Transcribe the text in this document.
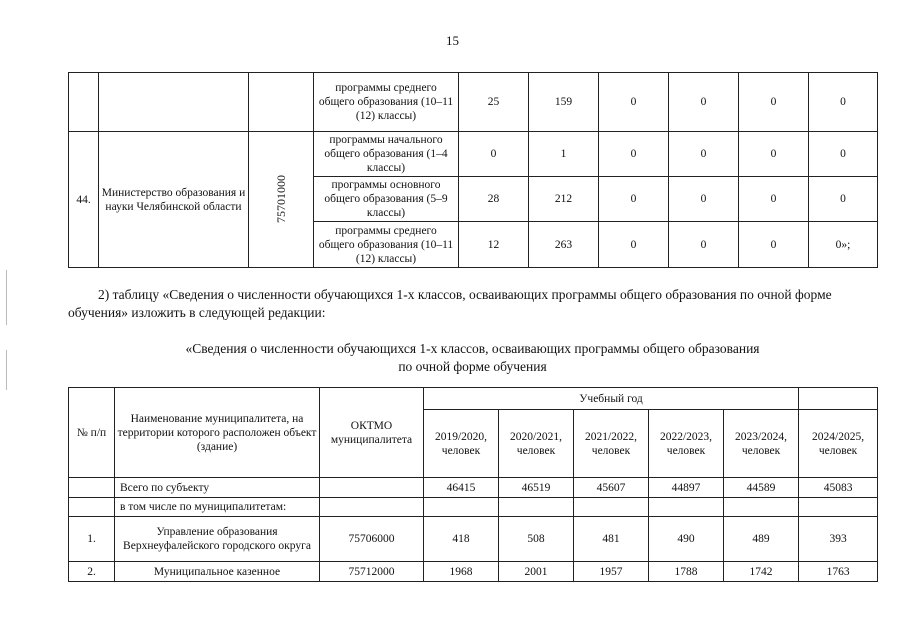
15
			программы среднего общего образования (10–11 (12) классы)	25	159	0	0	0	0
44.	Министерство образования и науки Челябинской области	75701000	программы начального общего образования (1–4 классы)	0	1	0	0	0	0
			программы основного общего образования (5–9 классы)	28	212	0	0	0	0
			программы среднего общего образования (10–11 (12) классы)	12	263	0	0	0	0»;
2) таблицу «Сведения о численности обучающихся 1-х классов, осваивающих программы общего образования по очной форме обучения» изложить в следующей редакции:
«Сведения о численности обучающихся 1-х классов, осваивающих программы общего образования
по очной форме обучения
№ п/п	Наименование муниципалитета, на территории которого расположен объект (здание)	ОКТМО муниципалитета	Учебный год					
			2019/2020, человек	2020/2021, человек	2021/2022, человек	2022/2023, человек	2023/2024, человек	2024/2025, человек
	Всего по субъекту		46415	46519	45607	44897	44589	45083
	в том числе по муниципалитетам:							
1.	Управление образования Верхнеуфалейского городского округа	75706000	418	508	481	490	489	393
2.	Муниципальное казенное	75712000	1968	2001	1957	1788	1742	1763
